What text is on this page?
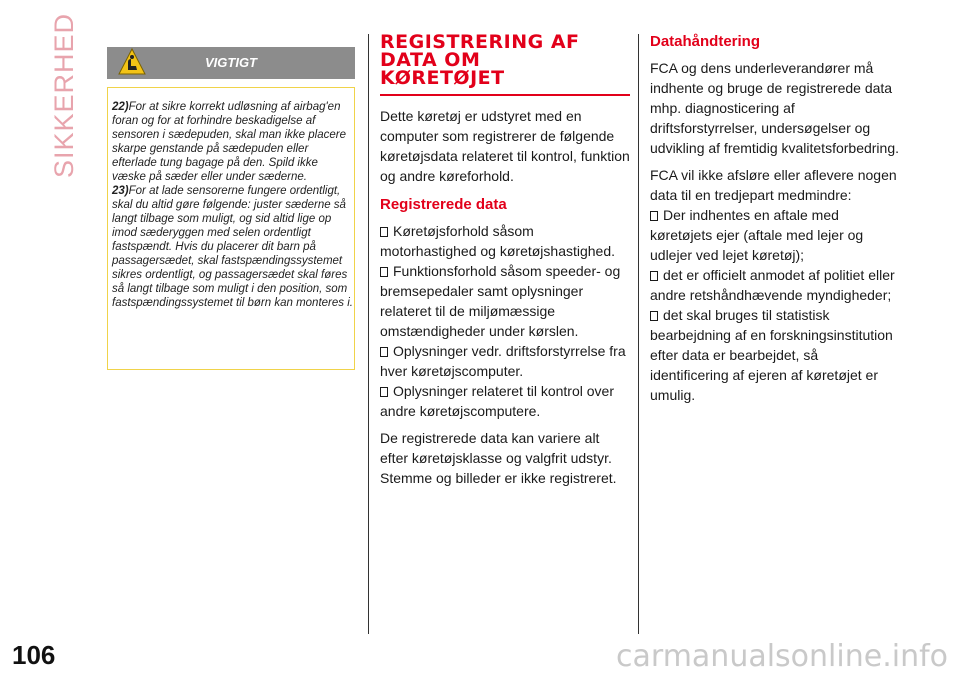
SIKKERHED	VIGTIGT

22)For at sikre korrekt udløsning af airbag'en foran og for at forhindre beskadigelse af sensoren i sædepuden, skal man ikke placere skarpe genstande på sædepuden eller efterlade tung bagage på den. Spild ikke væske på sæder eller under sæderne.

23)For at lade sensorerne fungere ordentligt, skal du altid gøre følgende: juster sæderne så langt tilbage som muligt, og sid altid lige op imod sæderyggen med selen ordentligt fastspændt. Hvis du placerer dit barn på passagersædet, skal fastspændingssystemet sikres ordentligt, og passagersædet skal føres så langt tilbage som muligt i den position, som fastspændingssystemet til børn kan monteres i.

REGISTRERING AF
DATA OM
KØRETØJET

Dette køretøj er udstyret med en computer som registrerer de følgende køretøjsdata relateret til kontrol, funktion og andre køreforhold.

Registrerede data

Køretøjsforhold såsom motorhastighed og køretøjshastighed.

Funktionsforhold såsom speeder- og bremsepedaler samt oplysninger relateret til de miljømæssige omstændigheder under kørslen.

Oplysninger vedr. driftsforstyrrelse fra hver køretøjscomputer.

Oplysninger relateret til kontrol over andre køretøjscomputere.

De registrerede data kan variere alt efter køretøjsklasse og valgfrit udstyr. Stemme og billeder er ikke registreret.

Datahåndtering

FCA og dens underleverandører må indhente og bruge de registrerede data mhp. diagnosticering af driftsforstyrrelser, undersøgelser og udvikling af fremtidig kvalitetsforbedring.

FCA vil ikke afsløre eller aflevere nogen data til en tredjepart medmindre:

Der indhentes en aftale med køretøjets ejer (aftale med lejer og udlejer ved lejet køretøj);

det er officielt anmodet af politiet eller andre retshåndhævende myndigheder;

det skal bruges til statistisk bearbejdning af en forskningsinstitution efter data er bearbejdet, så identificering af ejeren af køretøjet er umulig.

106	carmanualsonline.info
